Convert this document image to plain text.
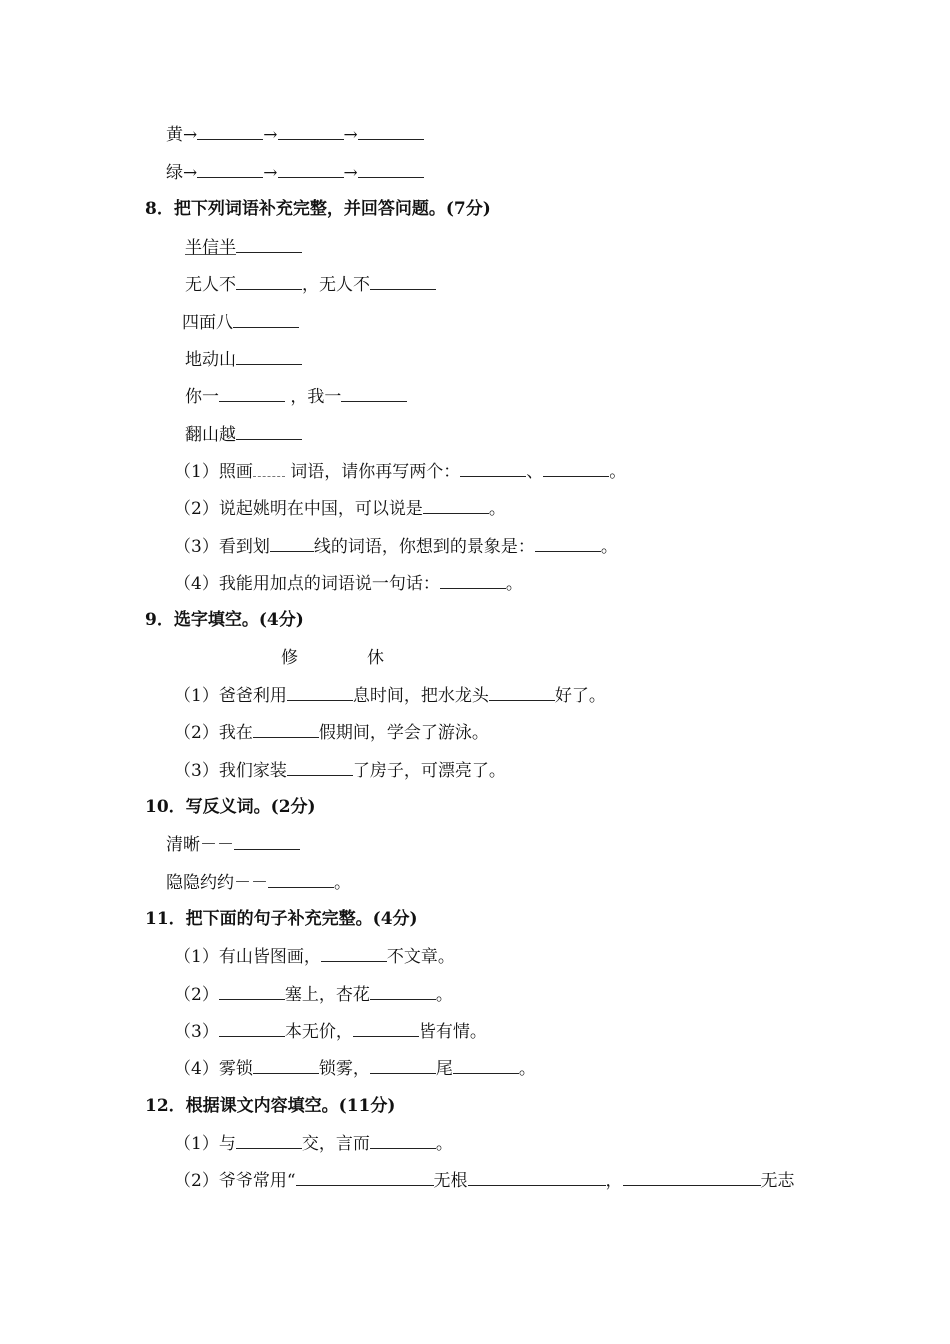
黄→	→	→
绿→	→	→
8．把下列词语补充完整，并回答问题。(7分)
半信半
无人不	，无人不
四面八
地动山
你一	，我一
翻山越
（1）照画 词语，请你再写两个：	、	。
（2）说起姚明在中国，可以说是	。
（3）看到划	线的词语，你想到的景象是：	。
（4）我能用加点的词语说一句话：	。
9．选字填空。(4分)
修	休
（1）爸爸利用	息时间，把水龙头	好了。
（2）我在	假期间，学会了游泳。
（3）我们家装	了房子，可漂亮了。
10．写反义词。(2分)
清晰－－
隐隐约约－－	。
11．把下面的句子补充完整。(4分)
（1）有山皆图画，	不文章。
（2）	塞上，杏花	。
（3）	本无价，	皆有情。
（4）雾锁	锁雾，	尾	。
12．根据课文内容填空。(11分)
（1）与	交，言而	。
（2）爷爷常用“	无根	，	无志
